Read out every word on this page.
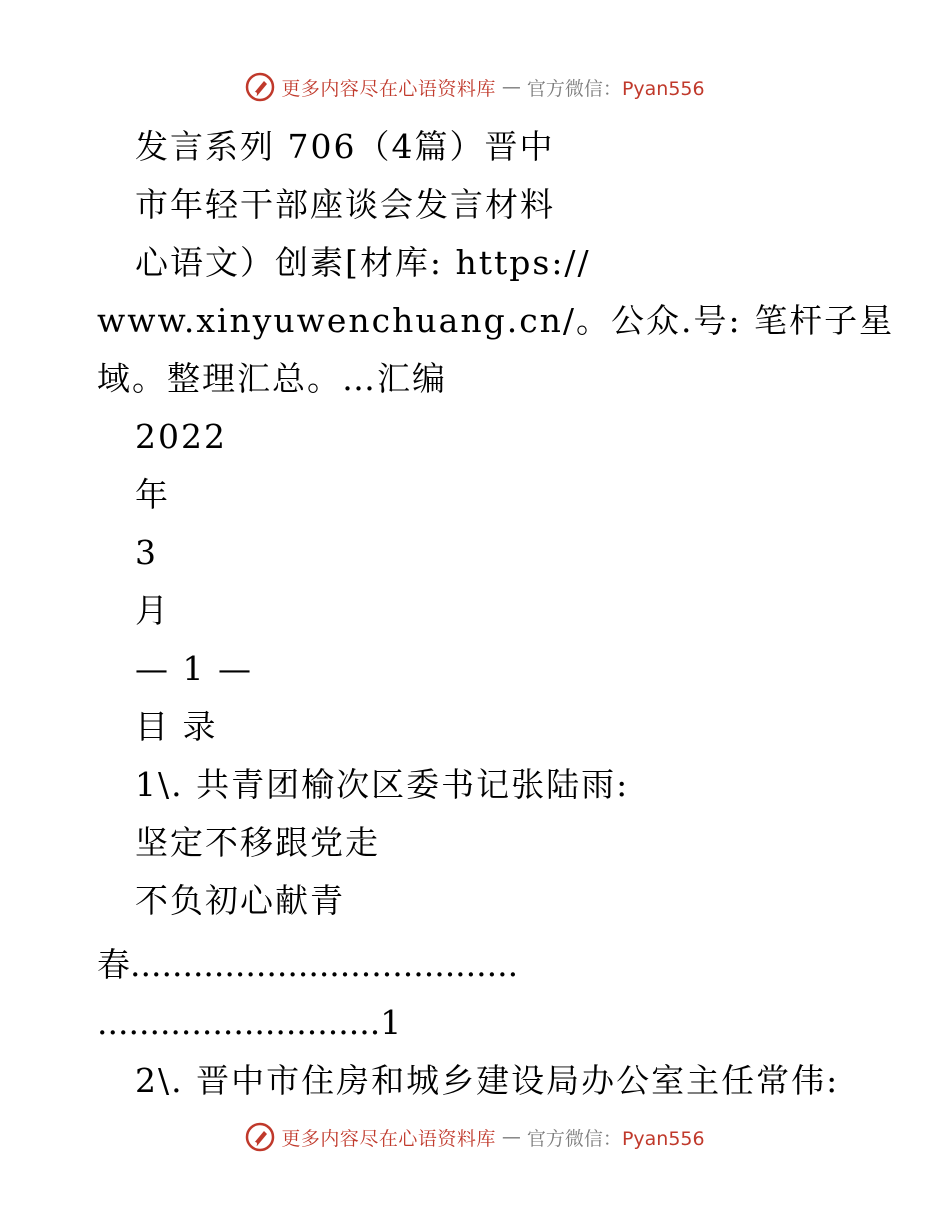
更多内容尽在心语资料库 — 官方微信：Pyan556
发言系列 706（4篇）晋中
市年轻干部座谈会发言材料
心语文）创素[材库: https://
www.xinyuwenchuang.cn/。公众.号: 笔杆子星
域。整理汇总。…汇编
2022
年
3
月
— 1 —
目 录
1\. 共青团榆次区委书记张陆雨:
坚定不移跟党走
不负初心献青
春.....................................
...........................1
2\. 晋中市住房和城乡建设局办公室主任常伟:
更多内容尽在心语资料库 — 官方微信：Pyan556
